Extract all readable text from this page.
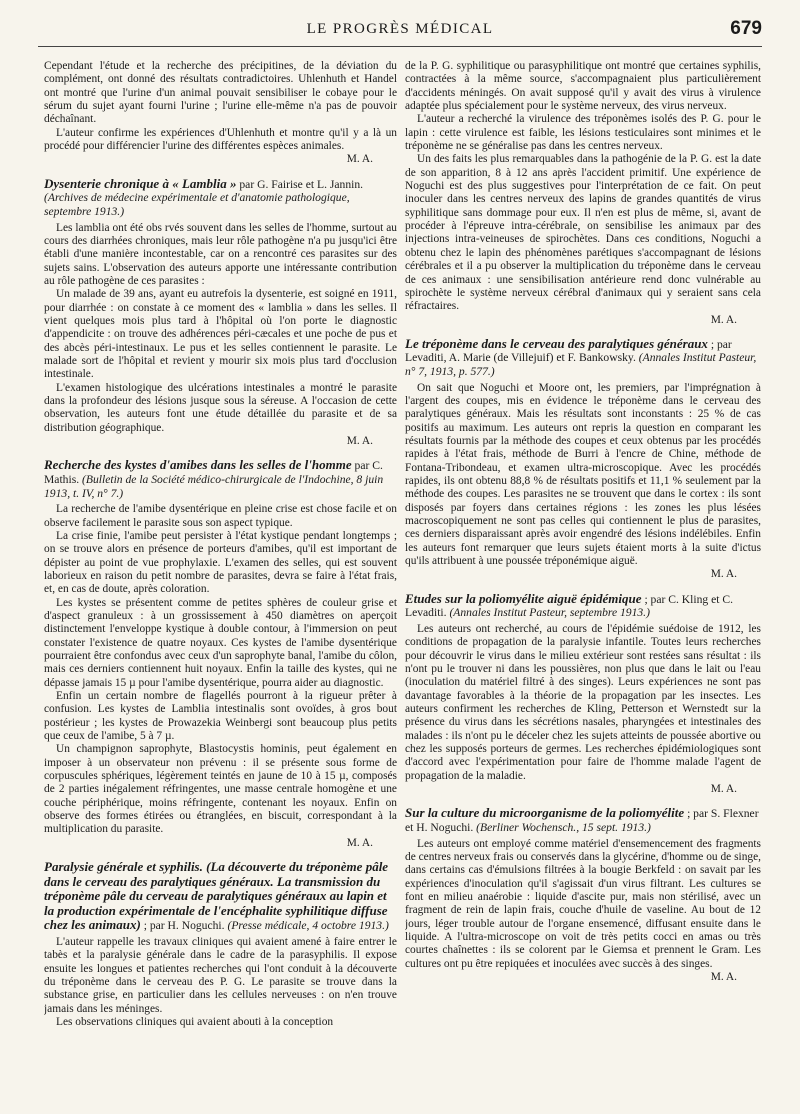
LE PROGRÈS MÉDICAL	679

Cependant l'étude et la recherche des précipitines, de la déviation du complément, ont donné des résultats contradictoires. Uhlenhuth et Handel ont montré que l'urine d'un animal pouvait sensibiliser le cobaye pour le sérum du sujet ayant fourni l'urine ; l'urine elle-même n'a pas de pouvoir déchaînant.

L'auteur confirme les expériences d'Uhlenhuth et montre qu'il y a là un procédé pour différencier l'urine des différentes espèces animales.

M. A.

Dysenterie chronique à « Lamblia » par G. Fairise et L. Jannin. (Archives de médecine expérimentale et d'anatomie pathologique, septembre 1913.)

Les lamblia ont été obs rvés souvent dans les selles de l'homme, surtout au cours des diarrhées chroniques, mais leur rôle pathogène n'a pu jusqu'ici être établi d'une manière incontestable, car on a rencontré ces parasites sur des sujets sains. L'observation des auteurs apporte une intéressante contribution au rôle pathogène de ces parasites :

Un malade de 39 ans, ayant eu autrefois la dysenterie, est soigné en 1911, pour diarrhée : on constate à ce moment des « lamblia » dans les selles. Il vient quelques mois plus tard à l'hôpital où l'on porte le diagnostic d'appendicite : on trouve des adhérences péri-cæcales et une poche de pus et des abcès péri-intestinaux. Le pus et les selles contiennent le parasite. Le malade sort de l'hôpital et revient y mourir six mois plus tard d'occlusion intestinale.

L'examen histologique des ulcérations intestinales a montré le parasite dans la profondeur des lésions jusque sous la séreuse. A l'occasion de cette observation, les auteurs font une étude détaillée du parasite et de sa distribution géographique.

M. A.

Recherche des kystes d'amibes dans les selles de l'homme par C. Mathis. (Bulletin de la Société médico-chirurgicale de l'Indochine, 8 juin 1913, t. IV, n° 7.)

La recherche de l'amibe dysentérique en pleine crise est chose facile et on observe facilement le parasite sous son aspect typique.

La crise finie, l'amibe peut persister à l'état kystique pendant longtemps ; on se trouve alors en présence de porteurs d'amibes, qu'il est important de dépister au point de vue prophylaxie. L'examen des selles, qui est souvent laborieux en raison du petit nombre de parasites, devra se faire à l'état frais, et, en cas de doute, après coloration.

Les kystes se présentent comme de petites sphères de couleur grise et d'aspect granuleux : à un grossissement à 450 diamètres on aperçoit distinctement l'enveloppe kystique à double contour, à l'immersion on peut constater l'existence de quatre noyaux. Ces kystes de l'amibe dysentérique pourraient être confondus avec ceux d'un saprophyte banal, l'amibe du côlon, mais ces derniers contiennent huit noyaux. Enfin la taille des kystes, qui ne dépasse jamais 15 µ pour l'amibe dysentérique, pourra aider au diagnostic.

Enfin un certain nombre de flagellés pourront à la rigueur prêter à confusion. Les kystes de Lamblia intestinalis sont ovoïdes, à gros bout postérieur ; les kystes de Prowazekia Weinbergi sont beaucoup plus petits que ceux de l'amibe, 5 à 7 µ.

Un champignon saprophyte, Blastocystis hominis, peut également en imposer à un observateur non prévenu : il se présente sous forme de corpuscules sphériques, légèrement teintés en jaune de 10 à 15 µ, composés de 2 parties inégalement réfringentes, une masse centrale homogène et une couche périphérique, moins réfringente, contenant les noyaux. Enfin on observe des formes étirées ou étranglées, en biscuit, correspondant à la multiplication du parasite.

M. A.

Paralysie générale et syphilis. (La découverte du tréponème pâle dans le cerveau des paralytiques généraux. La transmission du tréponème pâle du cerveau de paralytiques généraux au lapin et la production expérimentale de l'encéphalite syphilitique diffuse chez les animaux) ; par H. Noguchi. (Presse médicale, 4 octobre 1913.)

L'auteur rappelle les travaux cliniques qui avaient amené à faire entrer le tabès et la paralysie générale dans le cadre de la parasyphilis. Il expose ensuite les longues et patientes recherches qui l'ont conduit à la découverte du tréponème dans le cerveau des P. G. Le parasite se trouve dans la substance grise, en particulier dans les cellules nerveuses : on n'en trouve jamais dans les méninges.

Les observations cliniques qui avaient abouti à la conception

de la P. G. syphilitique ou parasyphilitique ont montré que certaines syphilis, contractées à la même source, s'accompagnaient plus particulièrement d'accidents méningés. On avait supposé qu'il y avait des virus à virulence adaptée plus spécialement pour le système nerveux, des virus nerveux.

L'auteur a recherché la virulence des tréponèmes isolés des P. G. pour le lapin : cette virulence est faible, les lésions testiculaires sont minimes et le tréponème ne se généralise pas dans les centres nerveux.

Un des faits les plus remarquables dans la pathogénie de la P. G. est la date de son apparition, 8 à 12 ans après l'accident primitif. Une expérience de Noguchi est des plus suggestives pour l'interprétation de ce fait. On peut inoculer dans les centres nerveux des lapins de grandes quantités de virus syphilitique sans dommage pour eux. Il n'en est plus de même, si, avant de procéder à l'épreuve intra-cérébrale, on sensibilise les animaux par des injections intra-veineuses de spirochètes. Dans ces conditions, Noguchi a obtenu chez le lapin des phénomènes parétiques s'accompagnant de lésions cérébrales et il a pu observer la multiplication du tréponème dans le cerveau de ces animaux : une sensibilisation antérieure rend donc vulnérable au spirochète le système nerveux cérébral d'animaux qui y seraient sans cela réfractaires.

M. A.

Le tréponème dans le cerveau des paralytiques généraux ; par Levaditi, A. Marie (de Villejuif) et F. Bankowsky. (Annales Institut Pasteur, n° 7, 1913, p. 577.)

On sait que Noguchi et Moore ont, les premiers, par l'imprégnation à l'argent des coupes, mis en évidence le tréponème dans le cerveau des paralytiques généraux. Mais les résultats sont inconstants : 25 % de cas positifs au maximum. Les auteurs ont repris la question en comparant les résultats fournis par la méthode des coupes et ceux obtenus par les procédés rapides à l'état frais, méthode de Burri à l'encre de Chine, méthode de Fontana-Tribondeau, et examen ultra-microscopique. Avec les procédés rapides, ils ont obtenu 88,8 % de résultats positifs et 11,1 % seulement par la méthode des coupes. Les parasites ne se trouvent que dans le cortex : ils sont disposés par foyers dans certaines régions : les zones les plus lésées macroscopiquement ne sont pas celles qui contiennent le plus de parasites, ces derniers disparaissant après avoir engendré des lésions indélébiles. Enfin les auteurs font remarquer que leurs sujets étaient morts à la suite d'ictus qu'ils attribuent à une poussée tréponémique aiguë.

M. A.

Etudes sur la poliomyélite aiguë épidémique ; par C. Kling et C. Levaditi. (Annales Institut Pasteur, septembre 1913.)

Les auteurs ont recherché, au cours de l'épidémie suédoise de 1912, les conditions de propagation de la paralysie infantile. Toutes leurs recherches pour découvrir le virus dans le milieu extérieur sont restées sans résultat : ils n'ont pu le trouver ni dans les poussières, non plus que dans le lait ou l'eau (inoculation du matériel filtré à des singes). Leurs expériences ne sont pas davantage favorables à la théorie de la propagation par les insectes. Les auteurs confirment les recherches de Kling, Petterson et Wernstedt sur la présence du virus dans les sécrétions nasales, pharyngées et intestinales des malades : ils n'ont pu le déceler chez les sujets atteints de poussée abortive ou chez les supposés porteurs de germes. Les recherches épidémiologiques sont d'accord avec l'expérimentation pour faire de l'homme malade l'agent de propagation de la maladie.

M. A.

Sur la culture du microorganisme de la poliomyélite ; par S. Flexner et H. Noguchi. (Berliner Wochensch., 15 sept. 1913.)

Les auteurs ont employé comme matériel d'ensemencement des fragments de centres nerveux frais ou conservés dans la glycérine, d'homme ou de singe, dans certains cas d'émulsions filtrées à la bougie Berkfeld : on savait par les expériences d'inoculation qu'il s'agissait d'un virus filtrant. Les cultures se font en milieu anaérobie : liquide d'ascite pur, mais non stérilisé, avec un fragment de rein de lapin frais, couche d'huile de vaseline. Au bout de 12 jours, léger trouble autour de l'organe ensemencé, diffusant ensuite dans le liquide. A l'ultra-microscope on voit de très petits cocci en amas ou très courtes chaînettes : ils se colorent par le Giemsa et prennent le Gram. Les cultures ont pu être repiquées et inoculées avec succès à des singes.

M. A.
